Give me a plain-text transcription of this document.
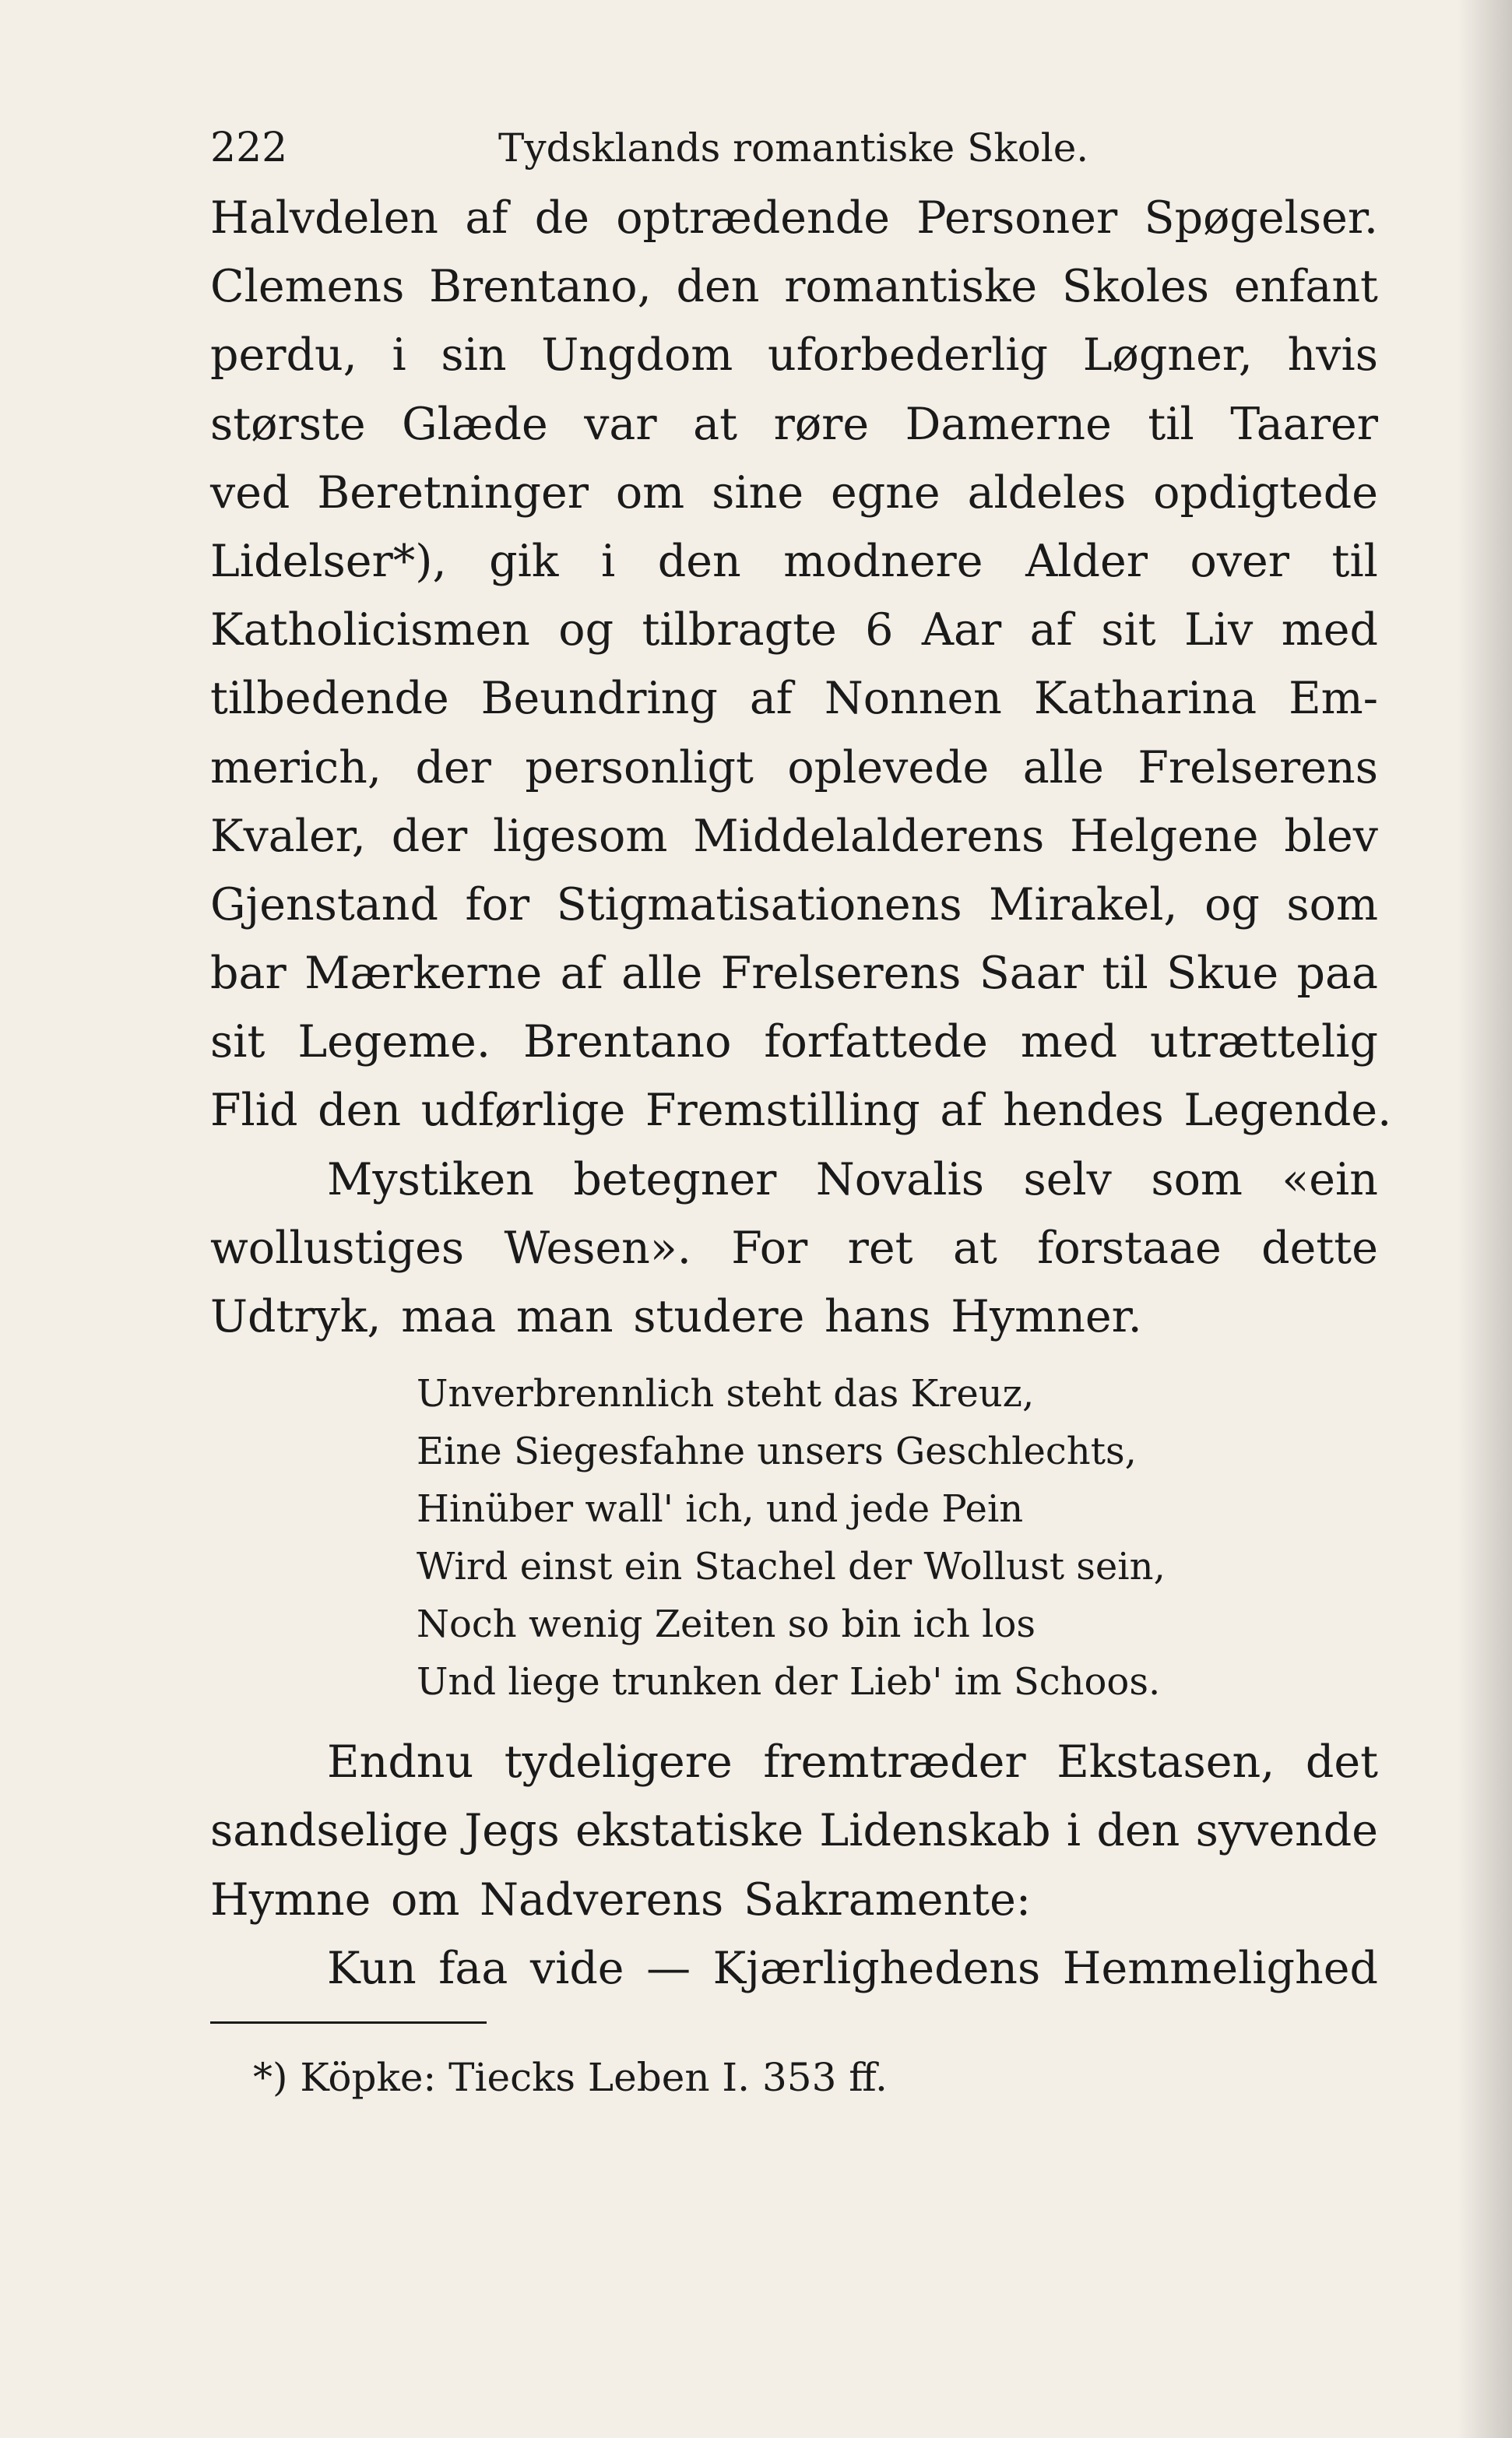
222	Tydsklands romantiske Skole.
Halvdelen af de optrædende Personer Spøgelser.
Clemens Brentano, den romantiske Skoles enfant
perdu, i sin Ungdom uforbederlig Løgner, hvis
største Glæde var at røre Damerne til Taarer
ved Beretninger om sine egne aldeles opdigtede
Lidelser*), gik i den modnere Alder over til
Katholicismen og tilbragte 6 Aar af sit Liv med
tilbedende Beundring af Nonnen Katharina Em-
merich, der personligt oplevede alle Frelserens
Kvaler, der ligesom Middelalderens Helgene blev
Gjenstand for Stigmatisationens Mirakel, og som
bar Mærkerne af alle Frelserens Saar til Skue paa
sit Legeme. Brentano forfattede med utrættelig
Flid den udførlige Fremstilling af hendes Legende.
Mystiken betegner Novalis selv som «ein
wollustiges Wesen». For ret at forstaae dette
Udtryk, maa man studere hans Hymner.
Unverbrennlich steht das Kreuz,
Eine Siegesfahne unsers Geschlechts,
Hinüber wall' ich, und jede Pein
Wird einst ein Stachel der Wollust sein,
Noch wenig Zeiten so bin ich los
Und liege trunken der Lieb' im Schoos.
Endnu tydeligere fremtræder Ekstasen, det
sandselige Jegs ekstatiske Lidenskab i den syvende
Hymne om Nadverens Sakramente:
Kun faa vide — Kjærlighedens Hemmelighed
*) Köpke: Tiecks Leben I. 353 ff.
